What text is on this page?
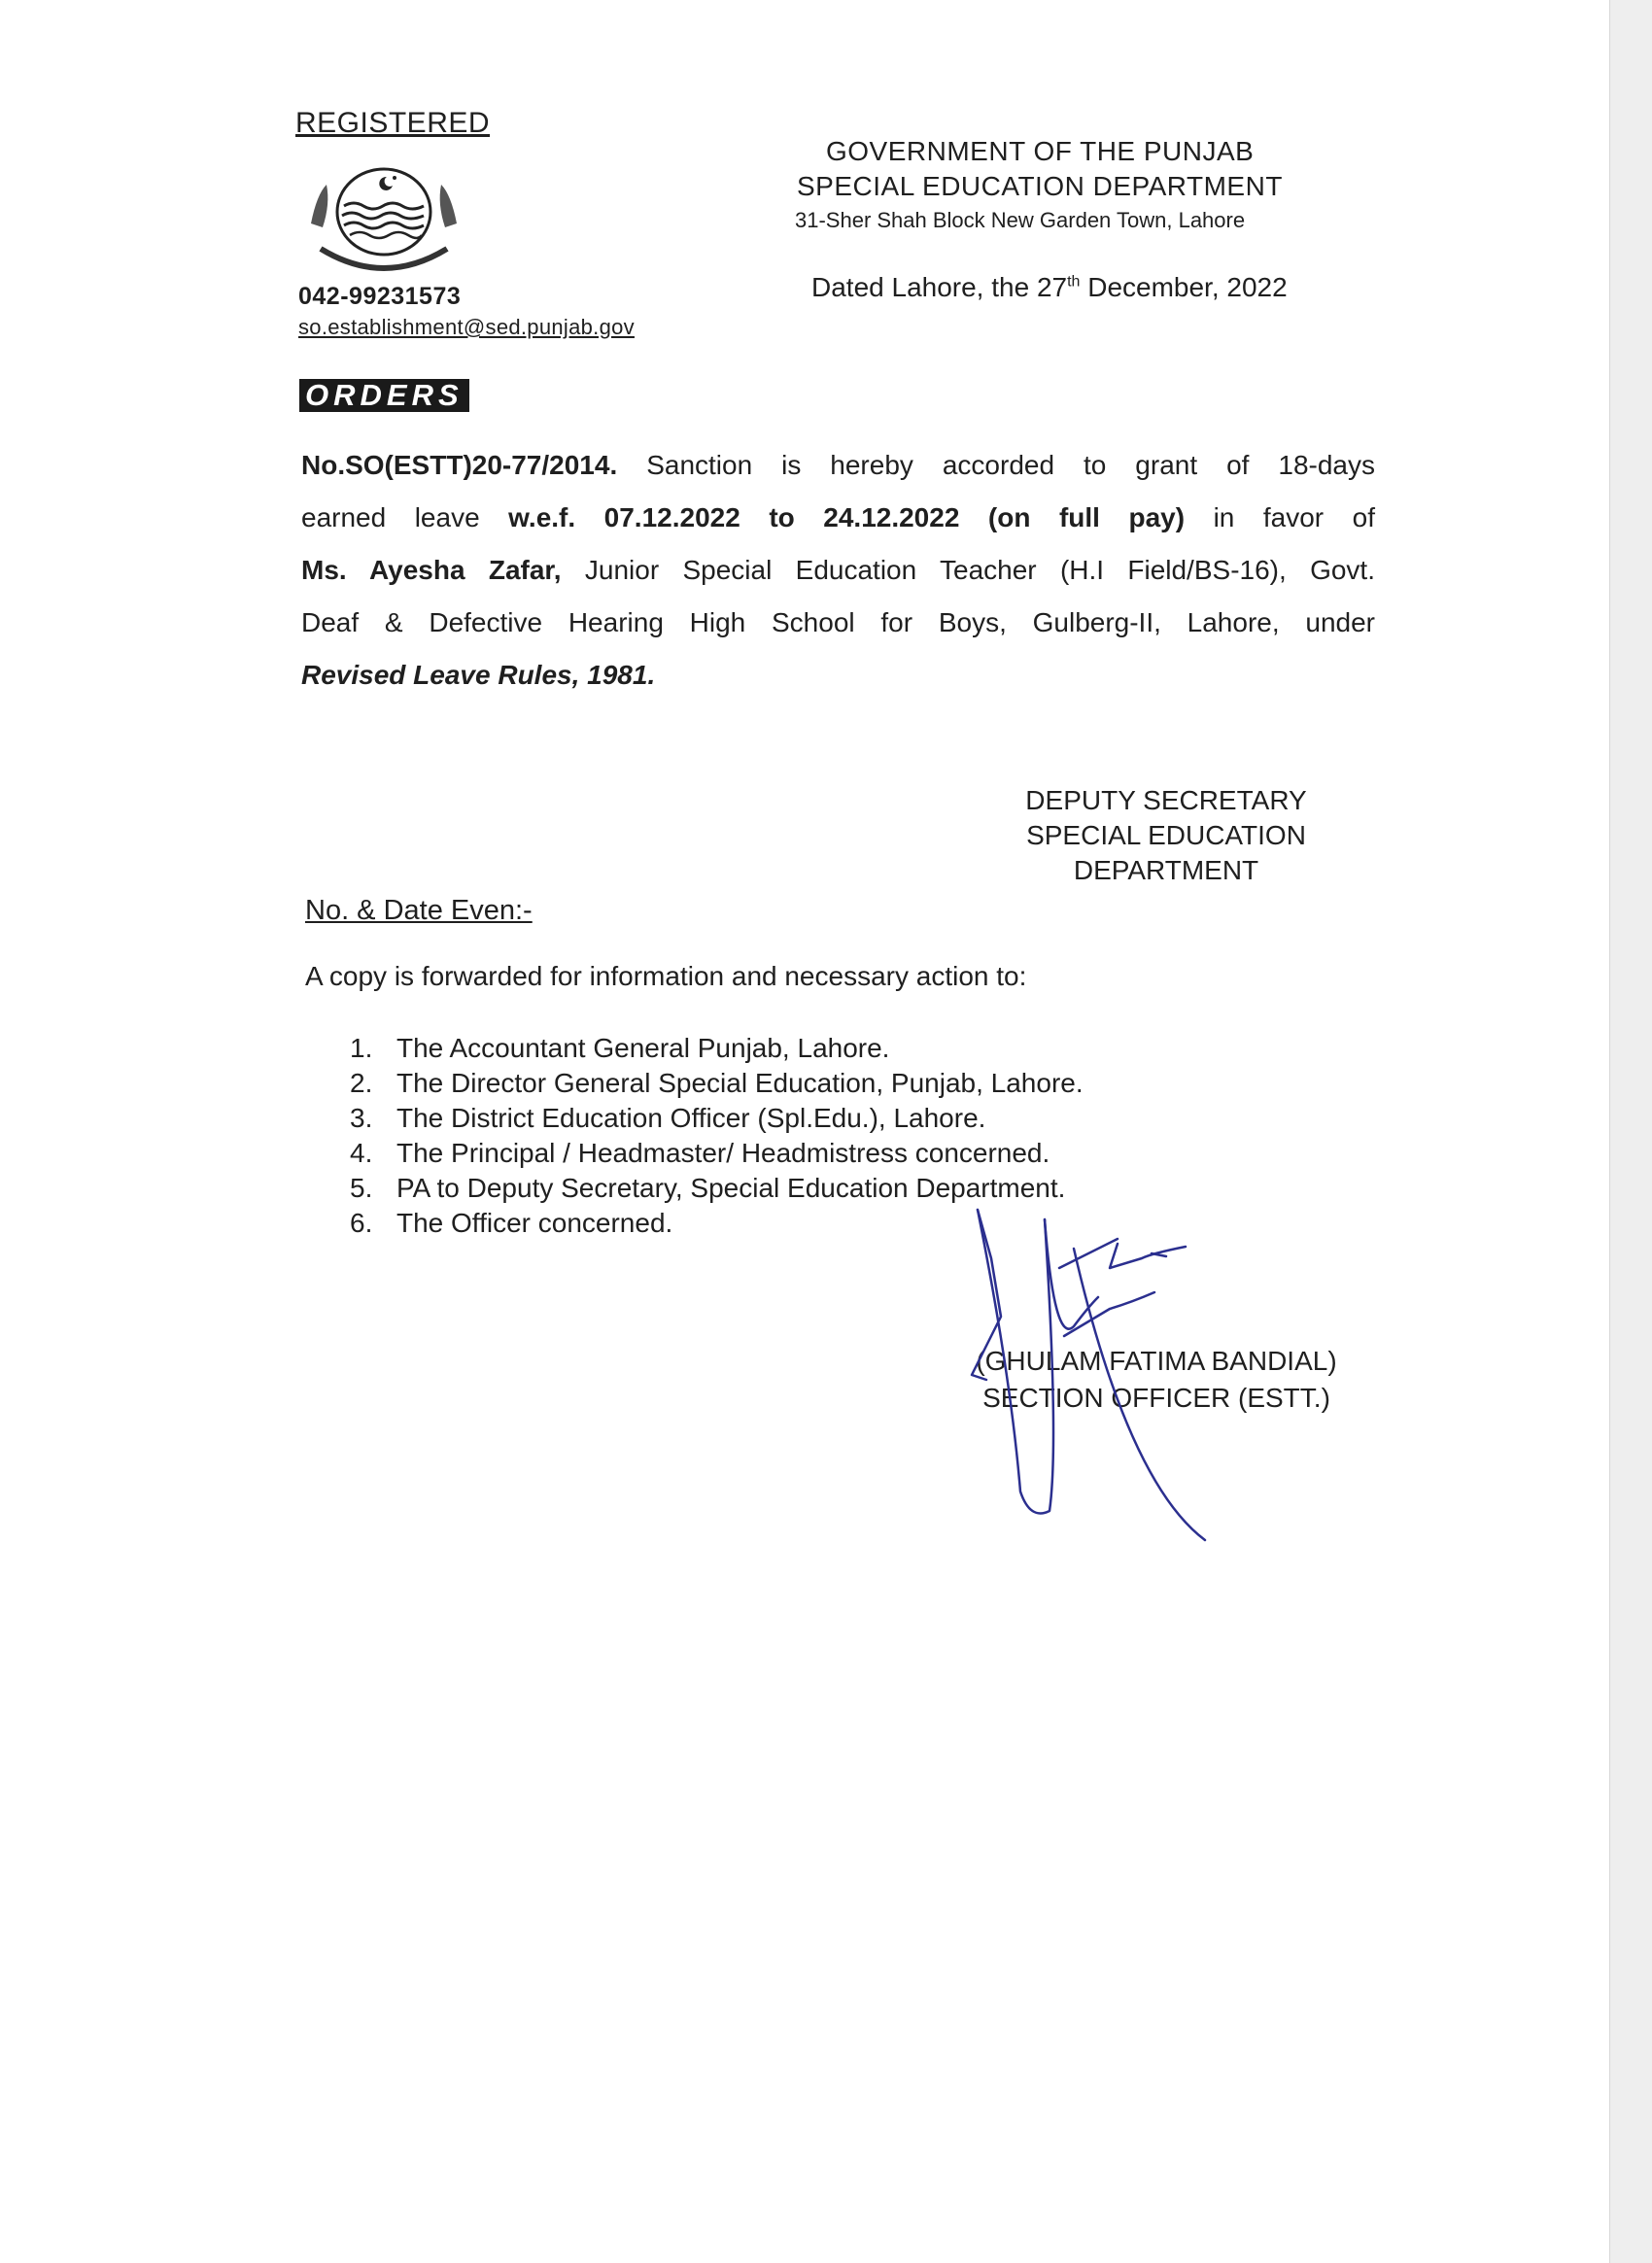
REGISTERED
~~~
042-99231573
so.establishment@sed.punjab.gov
GOVERNMENT OF THE PUNJAB
SPECIAL EDUCATION DEPARTMENT
31-Sher Shah Block New Garden Town, Lahore
Dated Lahore, the 27th December, 2022
ORDERS
No.SO(ESTT)20-77/2014. Sanction is hereby accorded to grant of 18-days
earned leave w.e.f. 07.12.2022 to 24.12.2022 (on full pay) in favor of
Ms. Ayesha Zafar, Junior Special Education Teacher (H.I Field/BS-16), Govt.
Deaf & Defective Hearing High School for Boys, Gulberg-II, Lahore, under
Revised Leave Rules, 1981.
DEPUTY SECRETARY
SPECIAL EDUCATION
DEPARTMENT
No. & Date Even:-
A copy is forwarded for information and necessary action to:
1. The Accountant General Punjab, Lahore.
2. The Director General Special Education, Punjab, Lahore.
3. The District Education Officer (Spl.Edu.), Lahore.
4. The Principal / Headmaster/ Headmistress concerned.
5. PA to Deputy Secretary, Special Education Department.
6. The Officer concerned.
(GHULAM FATIMA BANDIAL)
SECTION OFFICER (ESTT.)
